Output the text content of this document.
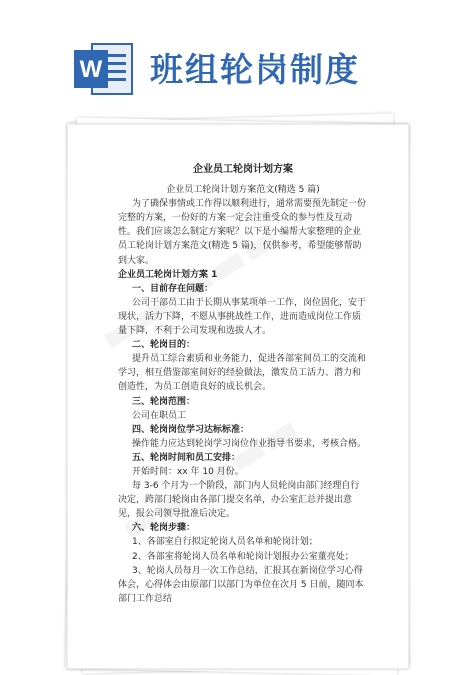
W 班组轮岗制度
企业员工轮岗计划方案

企业员工轮岗计划方案范文(精选 5 篇)

为了确保事情或工作得以顺利进行，通常需要预先制定一份完整的方案，一份好的方案一定会注重受众的参与性及互动性。我们应该怎么制定方案呢？以下是小编帮大家整理的企业员工轮岗计划方案范文(精选 5 篇)，仅供参考，希望能够帮助到大家。

企业员工轮岗计划方案 1

一、目前存在问题：

公司干部员工由于长期从事某项单一工作，岗位固化，安于现状，活力下降，不愿从事挑战性工作，进而造成岗位工作质量下降，不利于公司发现和选拔人才。

二、轮岗目的：

提升员工综合素质和业务能力，促进各部室间员工的交流和学习，相互借鉴部室间好的经验做法，激发员工活力、潜力和创造性，为员工创造良好的成长机会。

三、轮岗范围：

公司在职员工

四、轮岗岗位学习达标标准：

操作能力应达到轮岗学习岗位作业指导书要求，考核合格。

五、轮岗时间和员工安排：

开始时间：xx 年 10 月份。

每 3-6 个月为一个阶段，部门内人员轮岗由部门经理自行决定，跨部门轮岗由各部门提交名单，办公室汇总并提出意见，报公司领导批准后决定。

六、轮岗步骤：

1、各部室自行拟定轮岗人员名单和轮岗计划；

2、各部室将轮岗人员名单和轮岗计划报办公室董亮处；

3、轮岗人员每月一次工作总结，汇报其在新岗位学习心得体会，心得体会由原部门以部门为单位在次月 5 日前，随同本部门工作总结
